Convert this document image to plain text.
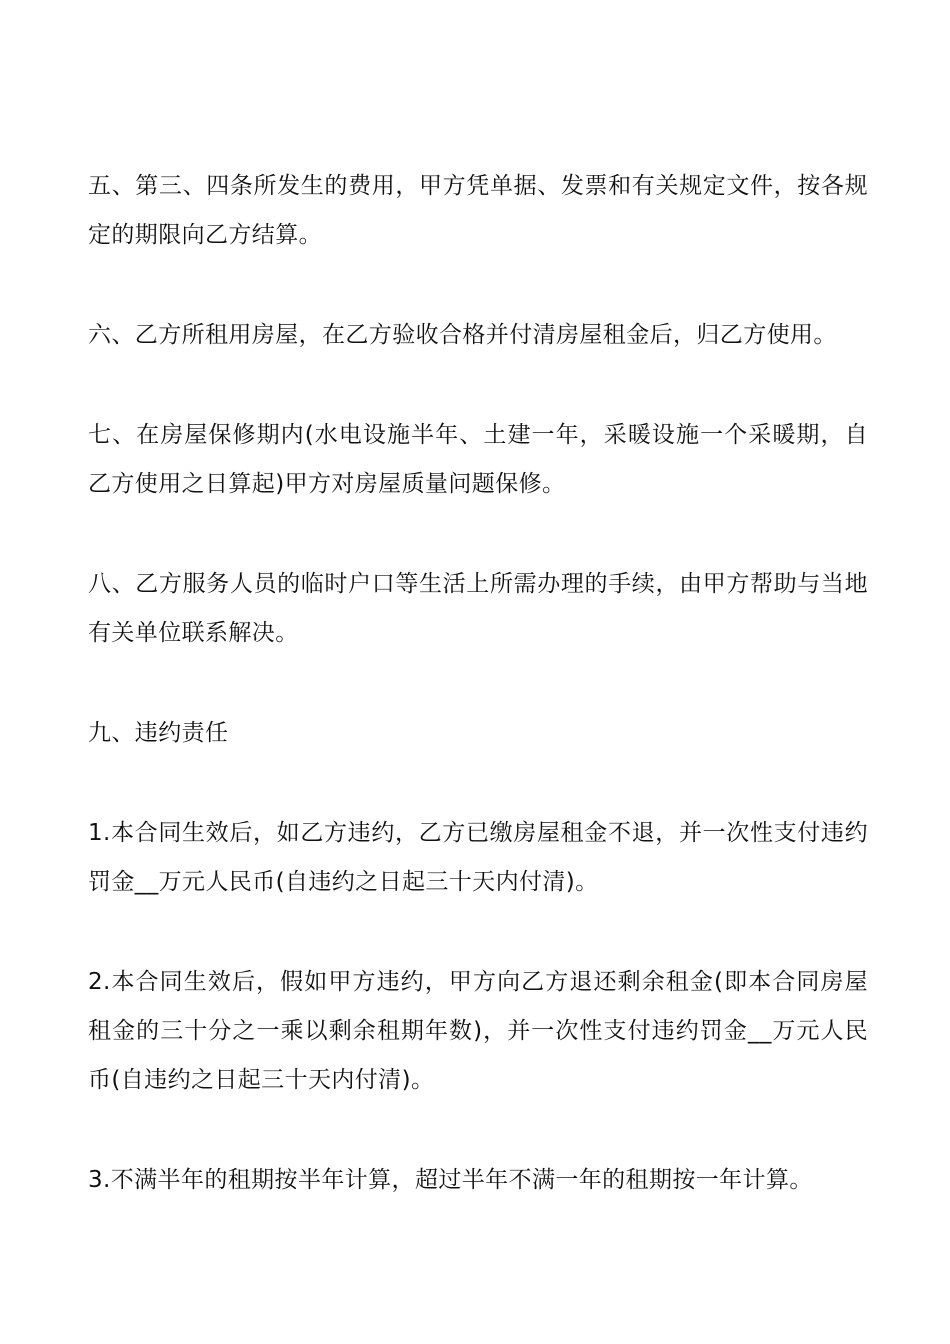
五、第三、四条所发生的费用，甲方凭单据、发票和有关规定文件，按各规定的期限向乙方结算。

六、乙方所租用房屋，在乙方验收合格并付清房屋租金后，归乙方使用。

七、在房屋保修期内(水电设施半年、土建一年，采暖设施一个采暖期，自乙方使用之日算起)甲方对房屋质量问题保修。

八、乙方服务人员的临时户口等生活上所需办理的手续，由甲方帮助与当地有关单位联系解决。

九、违约责任

1.本合同生效后，如乙方违约，乙方已缴房屋租金不退，并一次性支付违约罚金__万元人民币(自违约之日起三十天内付清)。

2.本合同生效后，假如甲方违约，甲方向乙方退还剩余租金(即本合同房屋租金的三十分之一乘以剩余租期年数)，并一次性支付违约罚金__万元人民币(自违约之日起三十天内付清)。

3.不满半年的租期按半年计算，超过半年不满一年的租期按一年计算。
